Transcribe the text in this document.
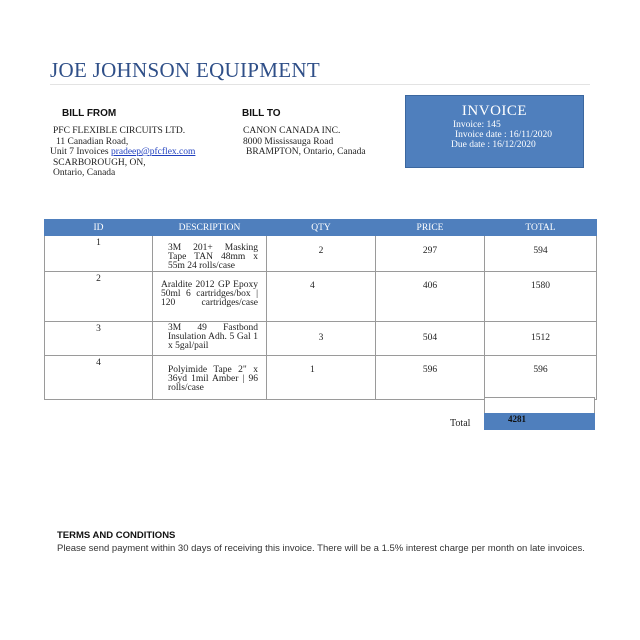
JOE JOHNSON EQUIPMENT
BILL FROM
PFC FLEXIBLE CIRCUITS LTD.
11 Canadian Road,
Unit 7 Invoices pradeep@pfcflex.com
SCARBOROUGH, ON,
Ontario, Canada
BILL TO
CANON CANADA INC.
8000 Mississauga Road
BRAMPTON, Ontario, Canada
INVOICE
Invoice: 145
Invoice date : 16/11/2020
Due date : 16/12/2020
ID	DESCRIPTION	QTY	PRICE	TOTAL
1	3M 201+ Masking Tape TAN 48mm x 55m 24 rolls/case	2	297	594
2	Araldite 2012 GP Epoxy 50ml 6 cartridges/box | 120 cartridges/case	4	406	1580
3	3M 49 Fastbond Insulation Adh. 5 Gal 1 x 5gal/pail	3	504	1512
4	Polyimide Tape 2" x 36yd 1mil Amber | 96 rolls/case	1	596	596
4281
Total
TERMS AND CONDITIONS
Please send payment within 30 days of receiving this invoice. There will be a 1.5% interest charge per month on late invoices.
